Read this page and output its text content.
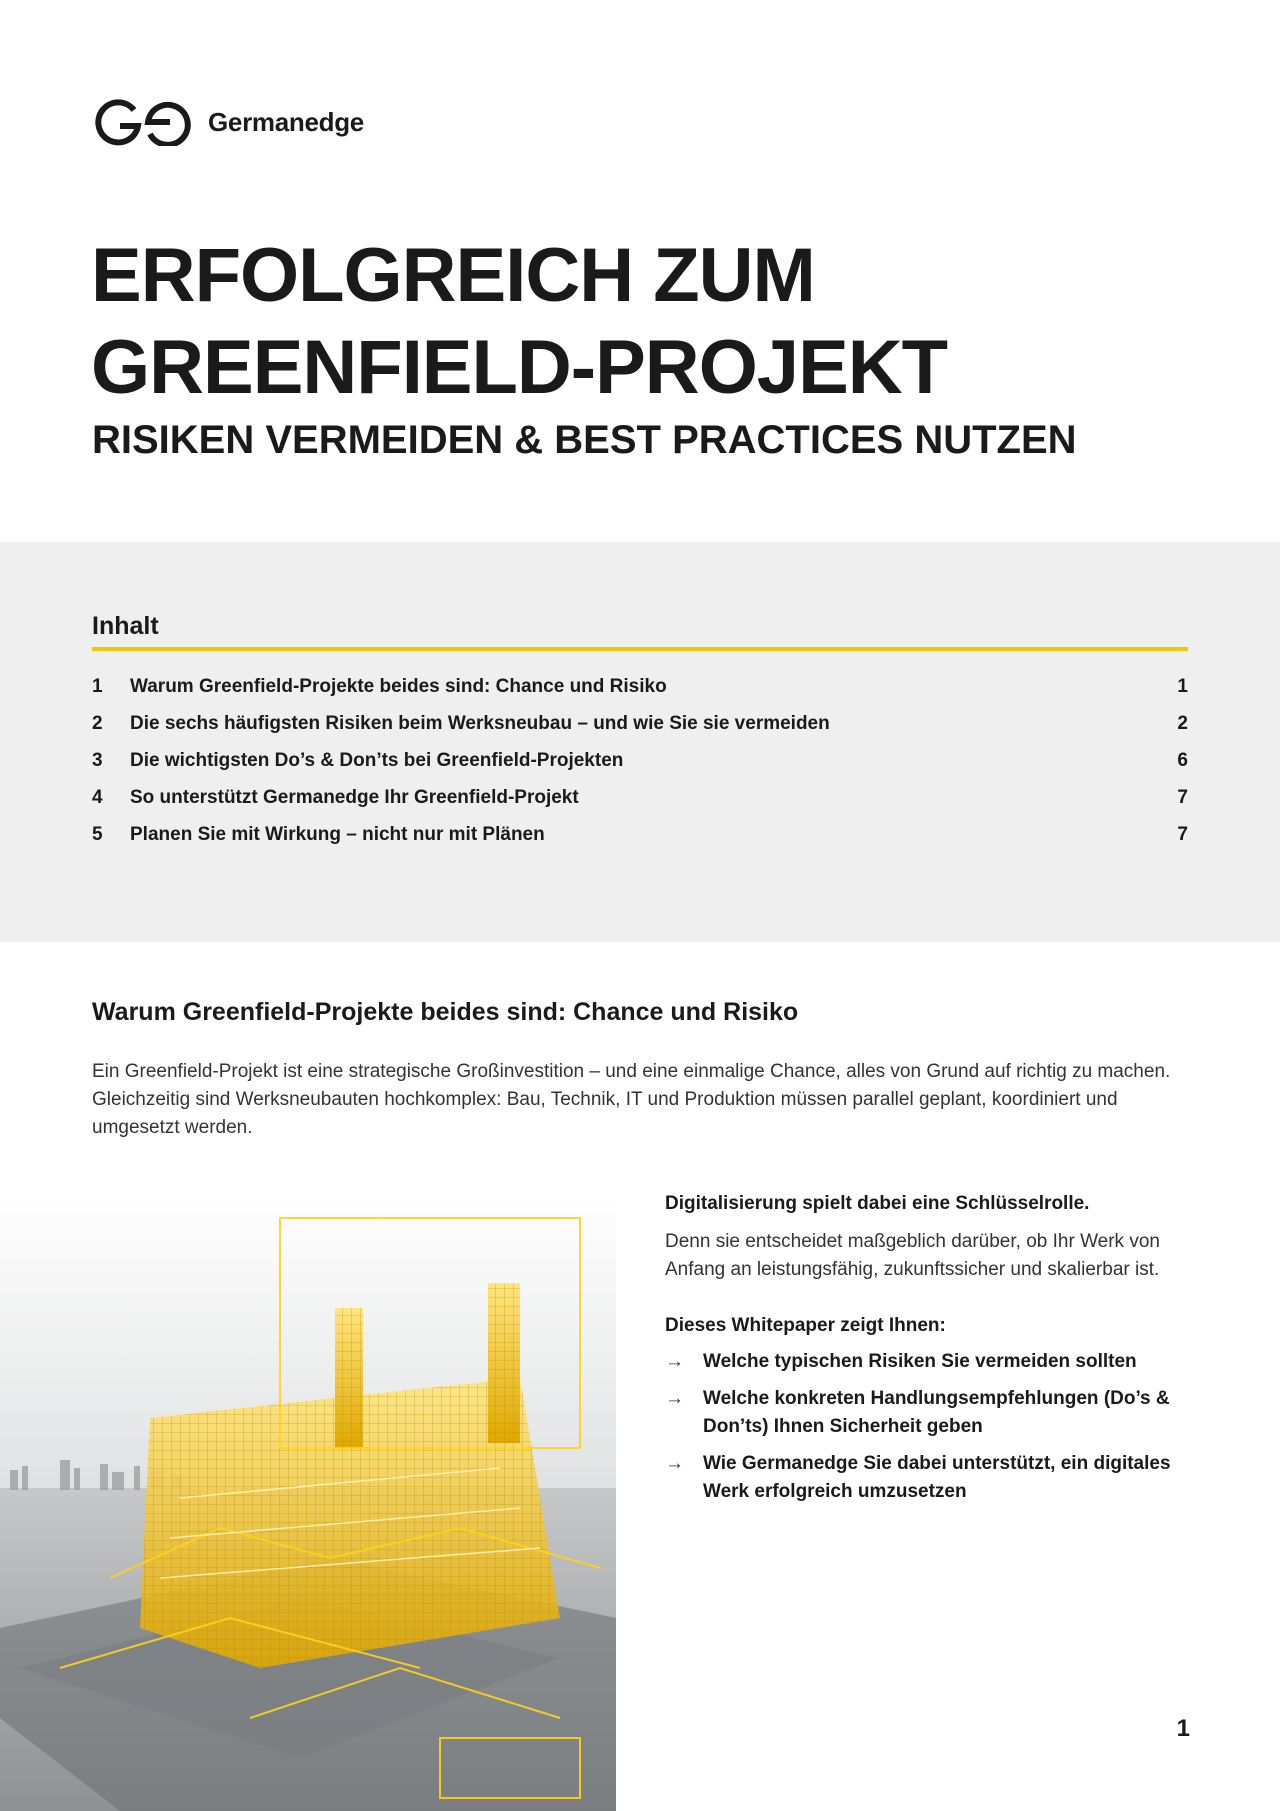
Germanedge
ERFOLGREICH ZUM GREENFIELD-PROJEKT
RISIKEN VERMEIDEN & BEST PRACTICES NUTZEN
Inhalt
1	Warum Greenfield-Projekte beides sind: Chance und Risiko	1
2	Die sechs häufigsten Risiken beim Werksneubau – und wie Sie sie vermeiden	2
3	Die wichtigsten Do’s & Don’ts bei Greenfield-Projekten	6
4	So unterstützt Germanedge Ihr Greenfield-Projekt	7
5	Planen Sie mit Wirkung – nicht nur mit Plänen	7
Warum Greenfield-Projekte beides sind: Chance und Risiko

Ein Greenfield-Projekt ist eine strategische Großinvestition – und eine einmalige Chance, alles von Grund auf richtig zu machen. Gleichzeitig sind Werksneubauten hochkomplex: Bau, Technik, IT und Produktion müssen parallel geplant, koordiniert und umgesetzt werden.

Digitalisierung spielt dabei eine Schlüsselrolle.

Denn sie entscheidet maßgeblich darüber, ob Ihr Werk von Anfang an leistungsfähig, zukunftssicher und skalierbar ist.

Dieses Whitepaper zeigt Ihnen:

→	Welche typischen Risiken Sie vermeiden sollten
→	Welche konkreten Handlungsempfehlungen (Do’s & Don’ts) Ihnen Sicherheit geben
→	Wie Germanedge Sie dabei unterstützt, ein digitales Werk erfolgreich umzusetzen
1
